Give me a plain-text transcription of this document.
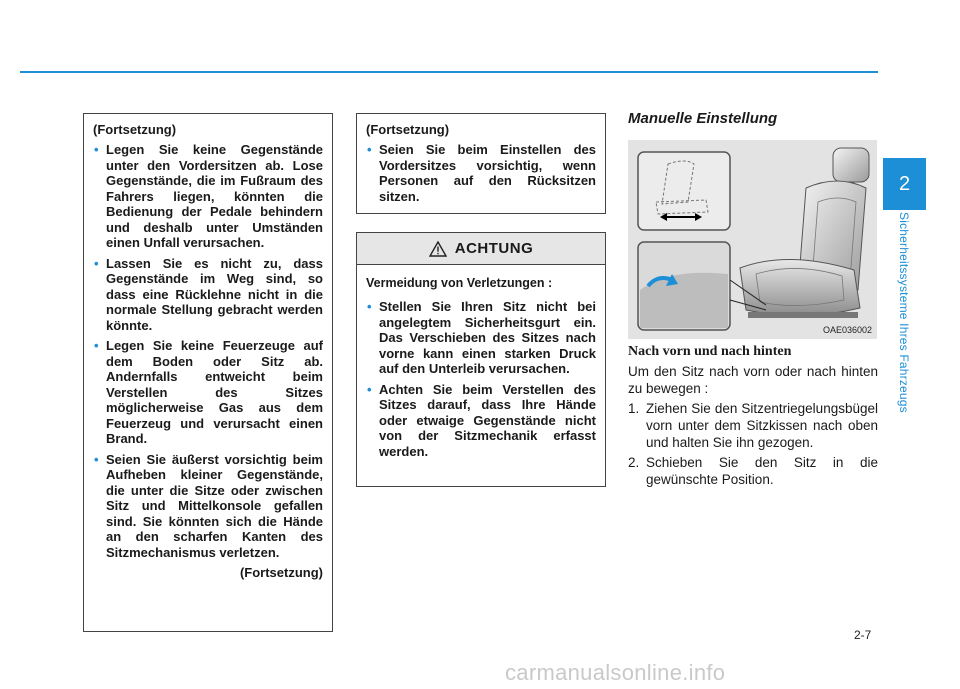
(Fortsetzung)
• Legen Sie keine Gegenstände unter den Vordersitzen ab. Lose Gegenstände, die im Fußraum des Fahrers liegen, könnten die Bedienung der Pedale behindern und deshalb unter Umständen einen Unfall verursachen.
• Lassen Sie es nicht zu, dass Gegenstände im Weg sind, so dass eine Rücklehne nicht in die normale Stellung gebracht werden könnte.
• Legen Sie keine Feuerzeuge auf dem Boden oder Sitz ab. Andernfalls entweicht beim Verstellen des Sitzes möglicherweise Gas aus dem Feuerzeug und verursacht einen Brand.
• Seien Sie äußerst vorsichtig beim Aufheben kleiner Gegenstände, die unter die Sitze oder zwischen Sitz und Mittelkonsole gefallen sind. Sie könnten sich die Hände an den scharfen Kanten des Sitzmechanismus verletzen.
(Fortsetzung)
(Fortsetzung)
• Seien Sie beim Einstellen des Vordersitzes vorsichtig, wenn Personen auf den Rücksitzen sitzen.
ACHTUNG
Vermeidung von Verletzungen :
• Stellen Sie Ihren Sitz nicht bei angelegtem Sicherheitsgurt ein. Das Verschieben des Sitzes nach vorne kann einen starken Druck auf den Unterleib verursachen.
• Achten Sie beim Verstellen des Sitzes darauf, dass Ihre Hände oder etwaige Gegenstände nicht von der Sitzmechanik erfasst werden.
Manuelle Einstellung
OAE036002
Nach vorn und nach hinten

Um den Sitz nach vorn oder nach hinten zu bewegen :

1. Ziehen Sie den Sitzentriegelungsbügel vorn unter dem Sitzkissen nach oben und halten Sie ihn gezogen.
2. Schieben Sie den Sitz in die gewünschte Position.
2
Sicherheitssysteme Ihres Fahrzeugs
2-7
carmanualsonline.info
